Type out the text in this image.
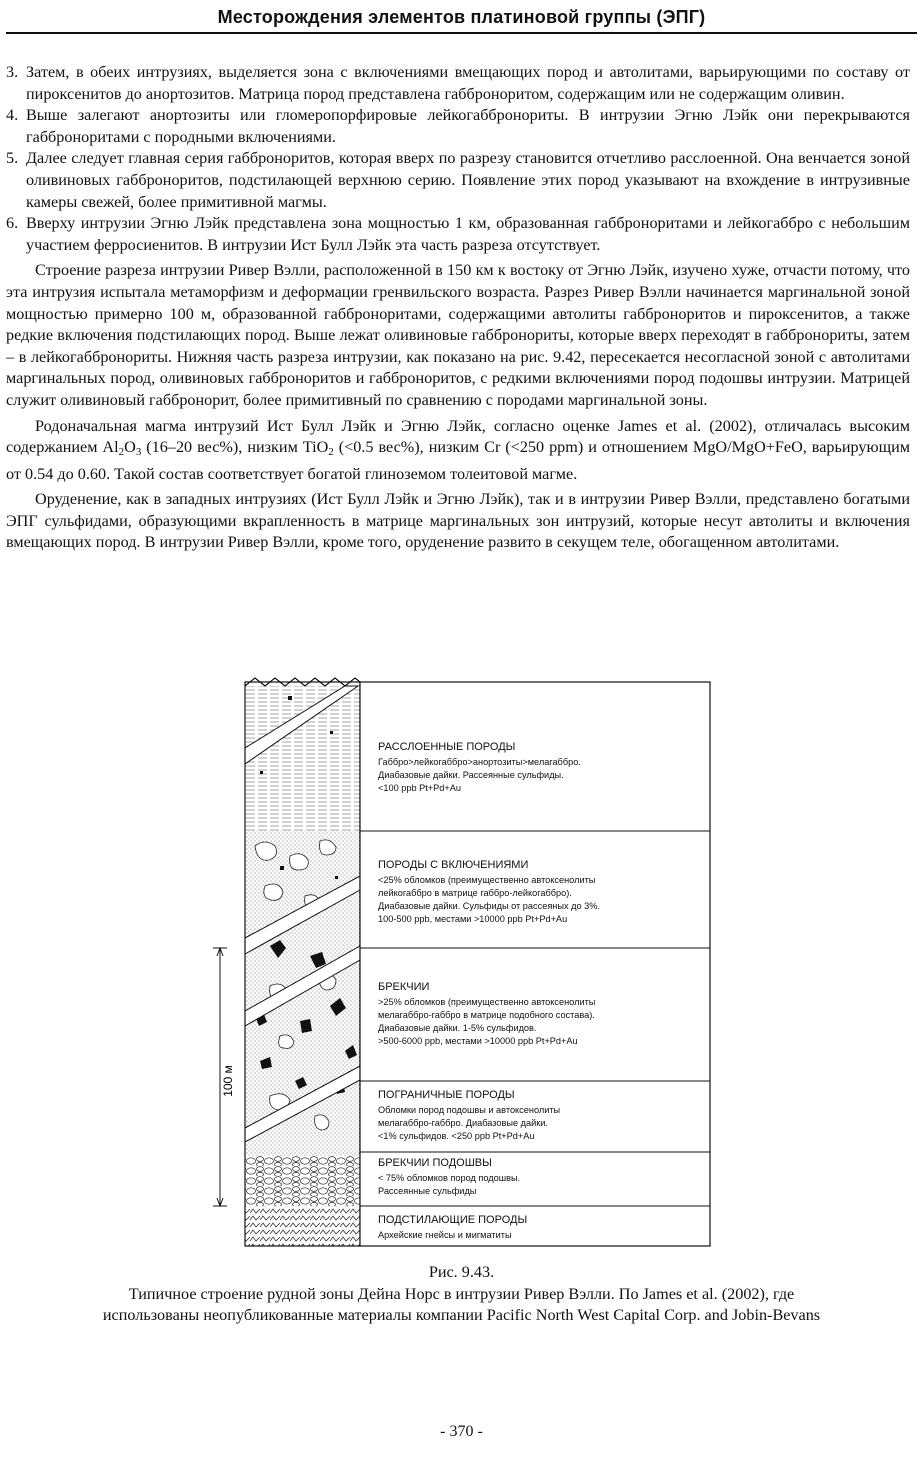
Месторождения элементов платиновой группы (ЭПГ)

3. Затем, в обеих интрузиях, выделяется зона с включениями вмещающих пород и автолитами, варьирующими по составу от пироксенитов до анортозитов. Матрица пород представлена габброноритом, содержащим или не содержащим оливин.

4. Выше залегают анортозиты или гломеропорфировые лейкогаббронориты. В интрузии Эгню Лэйк они перекрываются габброноритами с породными включениями.

5. Далее следует главная серия габброноритов, которая вверх по разрезу становится отчетливо расслоенной. Она венчается зоной оливиновых габброноритов, подстилающей верхнюю серию. Появление этих пород указывают на вхождение в интрузивные камеры свежей, более примитивной магмы.

6. Вверху интрузии Эгню Лэйк представлена зона мощностью 1 км, образованная габброноритами и лейкогаббро с небольшим участием ферросиенитов. В интрузии Ист Булл Лэйк эта часть разреза отсутствует.

Строение разреза интрузии Ривер Вэлли, расположенной в 150 км к востоку от Эгню Лэйк, изучено хуже, отчасти потому, что эта интрузия испытала метаморфизм и деформации гренвильского возраста. Разрез Ривер Вэлли начинается маргинальной зоной мощностью примерно 100 м, образованной габброноритами, содержащими автолиты габброноритов и пироксенитов, а также редкие включения подстилающих пород. Выше лежат оливиновые габбронориты, которые вверх переходят в габбронориты, затем – в лейкогаббронориты. Нижняя часть разреза интрузии, как показано на рис. 9.42, пересекается несогласной зоной с автолитами маргинальных пород, оливиновых габброноритов и габброноритов, с редкими включениями пород подошвы интрузии. Матрицей служит оливиновый габбронорит, более примитивный по сравнению с породами маргинальной зоны.

Родоначальная магма интрузий Ист Булл Лэйк и Эгню Лэйк, согласно оценке James et al. (2002), отличалась высоким содержанием $Al_2O_3$ (16–20 вес%), низким TiO$_2$ (<0.5 вес%), низким Cr (<250 ppm) и отношением MgO/MgO+FeO, варьирующим от 0.54 до 0.60. Такой состав соответствует богатой глиноземом толеитовой магме.

Оруденение, как в западных интрузиях (Ист Булл Лэйк и Эгню Лэйк), так и в интрузии Ривер Вэлли, представлено богатыми ЭПГ сульфидами, образующими вкрапленность в матрице маргинальных зон интрузий, которые несут автолиты и включения вмещающих пород. В интрузии Ривер Вэлли, кроме того, оруденение развито в секущем теле, обогащенном автолитами.

100 м
РАССЛОЕННЫЕ ПОРОДЫ
Габбро>лейкогаббро>анортозиты>мелагаббро.
Диабазовые дайки. Рассеянные сульфиды.
<100 ppb Pt+Pd+Au
ПОРОДЫ С ВКЛЮЧЕНИЯМИ
<25% обломков (преимущественно автоксенолиты
лейкогаббро в матрице габбро-лейкогаббро).
Диабазовые дайки. Сульфиды от рассеяных до 3%.
100-500 ppb, местами >10000 ppb Pt+Pd+Au
БРЕКЧИИ
>25% обломков (преимущественно автоксенолиты
мелагаббро-габбро в матрице подобного состава).
Диабазовые дайки. 1-5% сульфидов.
>500-6000 ppb, местами >10000 ppb Pt+Pd+Au
ПОГРАНИЧНЫЕ ПОРОДЫ
Обломки пород подошвы и автоксенолиты
мелагаббро-габбро. Диабазовые дайки.
<1% сульфидов. <250 ppb Pt+Pd+Au
БРЕКЧИИ ПОДОШВЫ
< 75% обломков пород подошвы.
Рассеянные сульфиды
ПОДСТИЛАЮЩИЕ ПОРОДЫ
Архейские гнейсы и мигматиты
Рис. 9.43.
Типичное строение рудной зоны Дейна Норс в интрузии Ривер Вэлли. По James et al. (2002), где
использованы неопубликованные материалы компании Pacific North West Capital Corp. and Jobin-Bevans
- 370 -
